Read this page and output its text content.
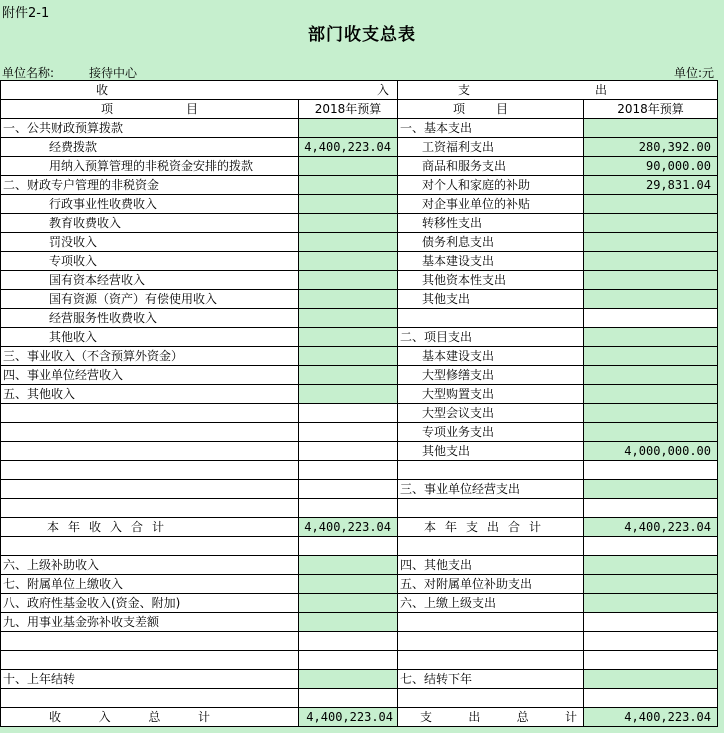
附件2-1
部门收支总表
单位名称:	接待中心	单位:元
收 入		支 出	

项 目	2018年预算	项 目	2018年预算
一、公共财政预算拨款		一、基本支出	
经费拨款	4,400,223.04	工资福利支出	280,392.00
用纳入预算管理的非税资金安排的拨款		商品和服务支出	90,000.00
二、财政专户管理的非税资金		对个人和家庭的补助	29,831.04
行政事业性收费收入		对企事业单位的补贴	
教育收费收入		转移性支出	
罚没收入		债务利息支出	
专项收入		基本建设支出	
国有资本经营收入		其他资本性支出	
国有资源（资产）有偿使用收入		其他支出	
经营服务性收费收入			
其他收入		二、项目支出	
三、事业收入（不含预算外资金）		基本建设支出	
四、事业单位经营收入		大型修缮支出	
五、其他收入		大型购置支出	
		大型会议支出	
		专项业务支出	
		其他支出	4,000,000.00

		三、事业单位经营支出	

本年收入合计	4,400,223.04	本年支出合计	4,400,223.04

六、上级补助收入		四、其他支出	
七、附属单位上缴收入		五、对附属单位补助支出	
八、政府性基金收入(资金、附加)		六、上缴上级支出	
九、用事业基金弥补收支差额			

十、上年结转		七、结转下年	

收 入 总 计	4,400,223.04	支 出 总 计	4,400,223.04
